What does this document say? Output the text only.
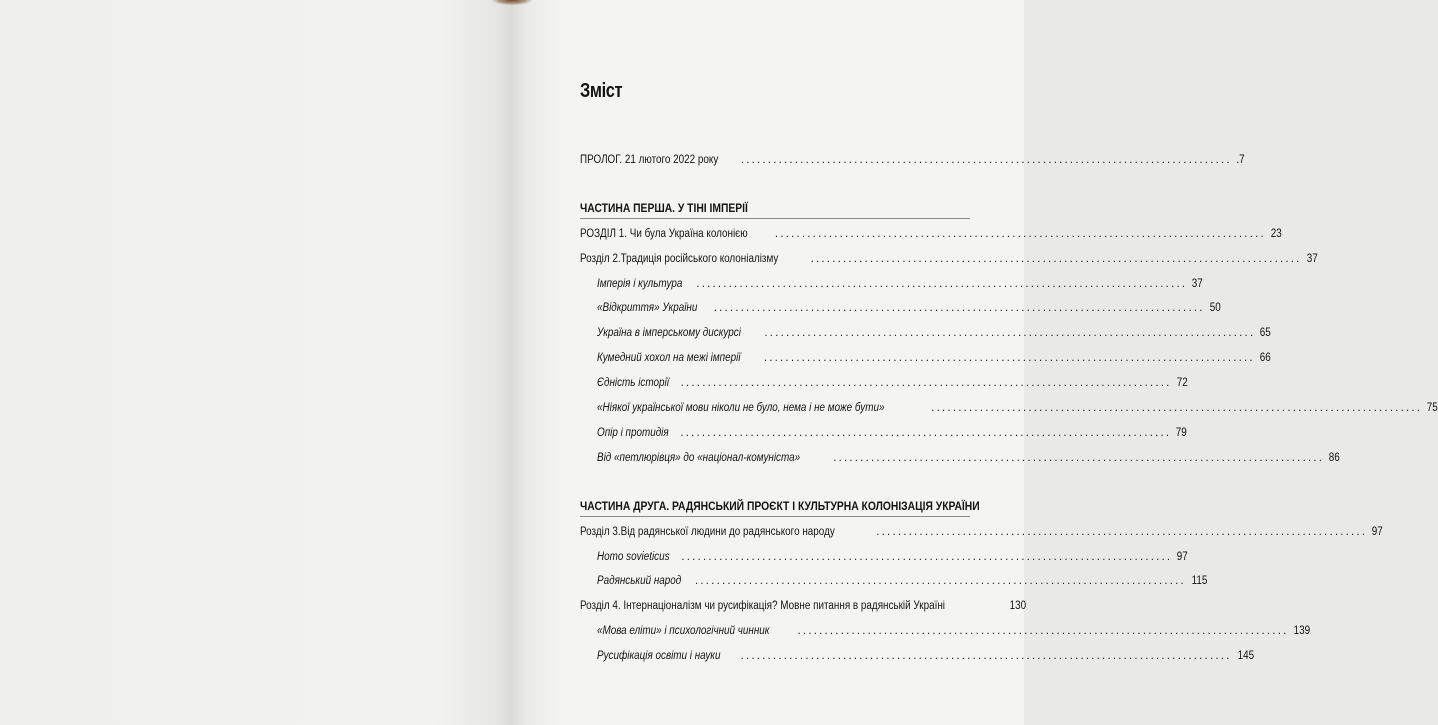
Зміст
ПРОЛОГ. 21 лютого 2022 року ........................................................................................... .7
ЧАСТИНА ПЕРША. У ТІНІ ІМПЕРІЇ
РОЗДІЛ 1. Чи була Україна колонією ........................................................................................... 23
Розділ 2.Традиція російського колоніалізму	........................................................................................... 37
Імперія і культура ........................................................................................... 37
«Відкриття» України ........................................................................................... 50
Україна в імперському дискурсі ........................................................................................... 65
Кумедний хохол на межі імперії ........................................................................................... 66
Єдність історії ........................................................................................... 72
«Ніякої української мови ніколи не було, нема і не може бути»	........................................................................................... 75
Опір і протидія ........................................................................................... 79
Від «петлюрівця» до «націонал-комуніста»	........................................................................................... 86
ЧАСТИНА ДРУГА. РАДЯНСЬКИЙ ПРОЄКТ І КУЛЬТУРНА КОЛОНІЗАЦІЯ УКРАЇНИ
Розділ 3.Від радянської людини до радянського народу	........................................................................................... 97
Homo sovieticus ........................................................................................... 97
Радянський народ ........................................................................................... 115
Розділ 4. Інтернаціоналізм чи русифікація? Мовне питання в радянській Україні	130
«Мова еліти» і психологічний чинник ........................................................................................... 139
Русифікація освіти і науки ........................................................................................... 145
